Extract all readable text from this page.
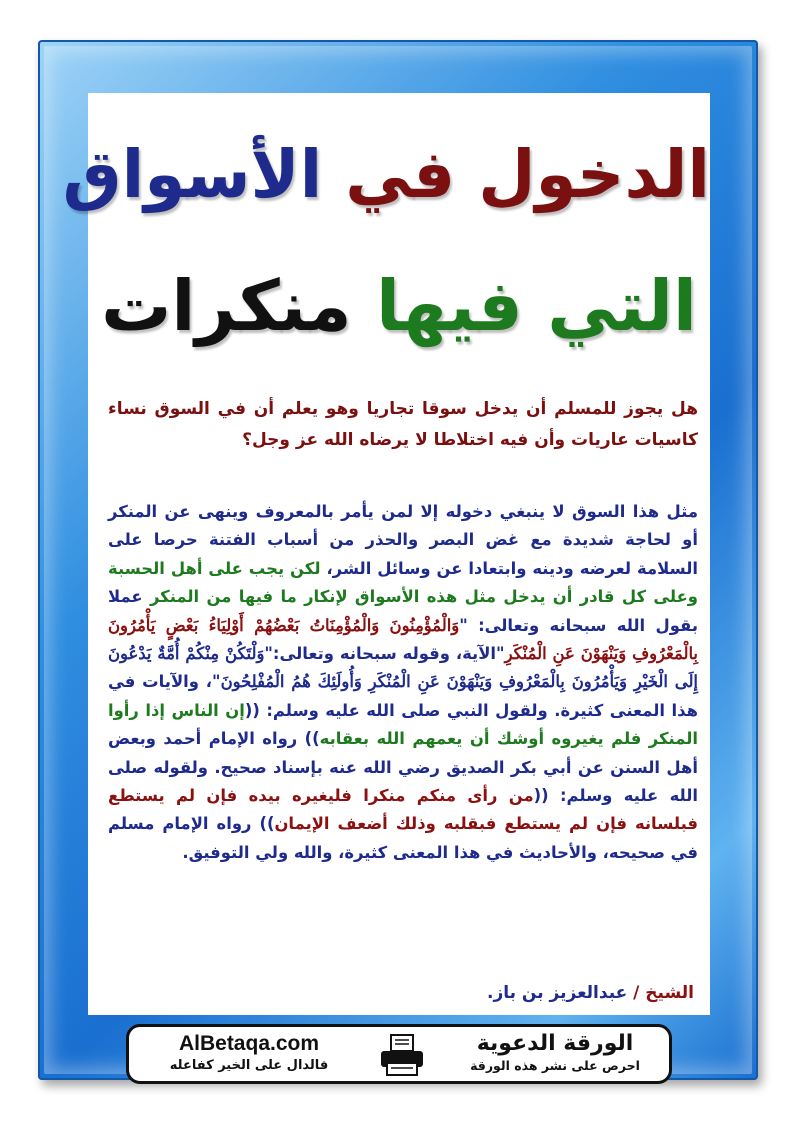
الدخول في الأسواق
التي فيها منكرات
هل يجوز للمسلم أن يدخل سوقا تجاريا وهو يعلم أن في السوق نساء كاسيات عاريات وأن فيه اختلاطا لا يرضاه الله عز وجل؟
مثل هذا السوق لا ينبغي دخوله إلا لمن يأمر بالمعروف وينهى عن المنكر أو لحاجة شديدة مع غض البصر والحذر من أسباب الفتنة حرصا على السلامة لعرضه ودينه وابتعادا عن وسائل الشر، لكن يجب على أهل الحسبة وعلى كل قادر أن يدخل مثل هذه الأسواق لإنكار ما فيها من المنكر عملا بقول الله سبحانه وتعالى: "وَالْمُؤْمِنُونَ وَالْمُؤْمِنَاتُ بَعْضُهُمْ أَوْلِيَاءُ بَعْضٍ يَأْمُرُونَ بِالْمَعْرُوفِ وَيَنْهَوْنَ عَنِ الْمُنْكَرِ"الآية، وقوله سبحانه وتعالى:"وَلْتَكُنْ مِنْكُمْ أُمَّةٌ يَدْعُونَ إِلَى الْخَيْرِ وَيَأْمُرُونَ بِالْمَعْرُوفِ وَيَنْهَوْنَ عَنِ الْمُنْكَرِ وَأُولَئِكَ هُمُ الْمُفْلِحُونَ"، والآيات في هذا المعنى كثيرة. ولقول النبي صلى الله عليه وسلم: ((إن الناس إذا رأوا المنكر فلم يغيروه أوشك أن يعمهم الله بعقابه)) رواه الإمام أحمد وبعض أهل السنن عن أبي بكر الصديق رضي الله عنه بإسناد صحيح. ولقوله صلى الله عليه وسلم: ((من رأى منكم منكرا فليغيره بيده فإن لم يستطع فبلسانه فإن لم يستطع فبقلبه وذلك أضعف الإيمان)) رواه الإمام مسلم في صحيحه، والأحاديث في هذا المعنى كثيرة، والله ولي التوفيق.
الشيخ / عبدالعزيز بن باز.
الورقة الدعوية
احرص على نشر هذه الورقة
AlBetaqa.com
فالدال على الخير كفاعله
